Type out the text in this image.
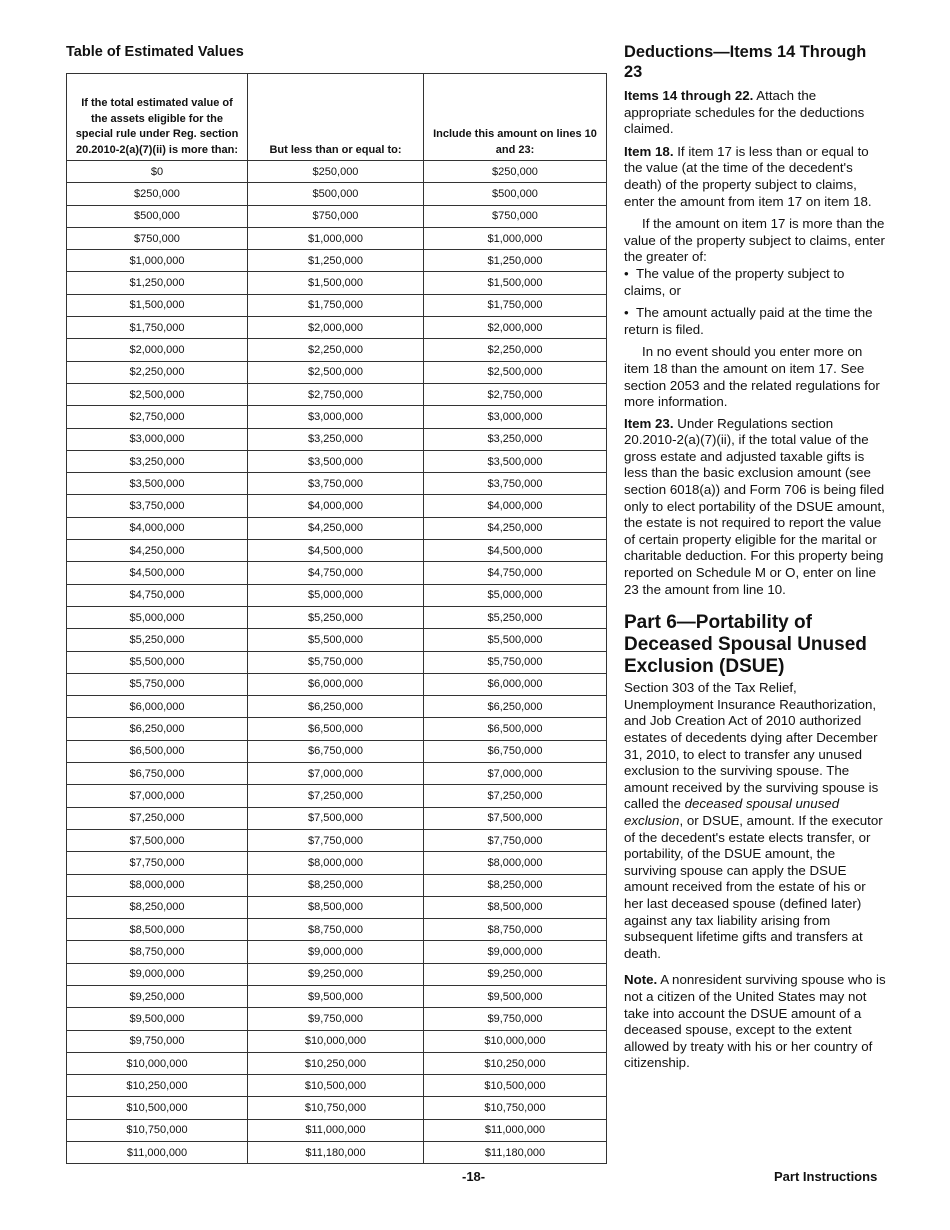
Table of Estimated Values
If the total estimated value of the assets eligible for the special rule under Reg. section 20.2010-2(a)(7)(ii) is more than:	But less than or equal to:	Include this amount on lines 10 and 23:
$0	$250,000	$250,000
$250,000	$500,000	$500,000
$500,000	$750,000	$750,000
$750,000	$1,000,000	$1,000,000
$1,000,000	$1,250,000	$1,250,000
$1,250,000	$1,500,000	$1,500,000
$1,500,000	$1,750,000	$1,750,000
$1,750,000	$2,000,000	$2,000,000
$2,000,000	$2,250,000	$2,250,000
$2,250,000	$2,500,000	$2,500,000
$2,500,000	$2,750,000	$2,750,000
$2,750,000	$3,000,000	$3,000,000
$3,000,000	$3,250,000	$3,250,000
$3,250,000	$3,500,000	$3,500,000
$3,500,000	$3,750,000	$3,750,000
$3,750,000	$4,000,000	$4,000,000
$4,000,000	$4,250,000	$4,250,000
$4,250,000	$4,500,000	$4,500,000
$4,500,000	$4,750,000	$4,750,000
$4,750,000	$5,000,000	$5,000,000
$5,000,000	$5,250,000	$5,250,000
$5,250,000	$5,500,000	$5,500,000
$5,500,000	$5,750,000	$5,750,000
$5,750,000	$6,000,000	$6,000,000
$6,000,000	$6,250,000	$6,250,000
$6,250,000	$6,500,000	$6,500,000
$6,500,000	$6,750,000	$6,750,000
$6,750,000	$7,000,000	$7,000,000
$7,000,000	$7,250,000	$7,250,000
$7,250,000	$7,500,000	$7,500,000
$7,500,000	$7,750,000	$7,750,000
$7,750,000	$8,000,000	$8,000,000
$8,000,000	$8,250,000	$8,250,000
$8,250,000	$8,500,000	$8,500,000
$8,500,000	$8,750,000	$8,750,000
$8,750,000	$9,000,000	$9,000,000
$9,000,000	$9,250,000	$9,250,000
$9,250,000	$9,500,000	$9,500,000
$9,500,000	$9,750,000	$9,750,000
$9,750,000	$10,000,000	$10,000,000
$10,000,000	$10,250,000	$10,250,000
$10,250,000	$10,500,000	$10,500,000
$10,500,000	$10,750,000	$10,750,000
$10,750,000	$11,000,000	$11,000,000
$11,000,000	$11,180,000	$11,180,000
Deductions—Items 14 Through 23

Items 14 through 22. Attach the appropriate schedules for the deductions claimed.

Item 18. If item 17 is less than or equal to the value (at the time of the decedent's death) of the property subject to claims, enter the amount from item 17 on item 18.

If the amount on item 17 is more than the value of the property subject to claims, enter the greater of:

• The value of the property subject to claims, or

• The amount actually paid at the time the return is filed.

In no event should you enter more on item 18 than the amount on item 17. See section 2053 and the related regulations for more information.

Item 23. Under Regulations section 20.2010-2(a)(7)(ii), if the total value of the gross estate and adjusted taxable gifts is less than the basic exclusion amount (see section 6018(a)) and Form 706 is being filed only to elect portability of the DSUE amount, the estate is not required to report the value of certain property eligible for the marital or charitable deduction. For this property being reported on Schedule M or O, enter on line 23 the amount from line 10.

Part 6—Portability of Deceased Spousal Unused Exclusion (DSUE)

Section 303 of the Tax Relief, Unemployment Insurance Reauthorization, and Job Creation Act of 2010 authorized estates of decedents dying after December 31, 2010, to elect to transfer any unused exclusion to the surviving spouse. The amount received by the surviving spouse is called the deceased spousal unused exclusion, or DSUE, amount. If the executor of the decedent's estate elects transfer, or portability, of the DSUE amount, the surviving spouse can apply the DSUE amount received from the estate of his or her last deceased spouse (defined later) against any tax liability arising from subsequent lifetime gifts and transfers at death.

Note. A nonresident surviving spouse who is not a citizen of the United States may not take into account the DSUE amount of a deceased spouse, except to the extent allowed by treaty with his or her country of citizenship.

-18-	Part Instructions
